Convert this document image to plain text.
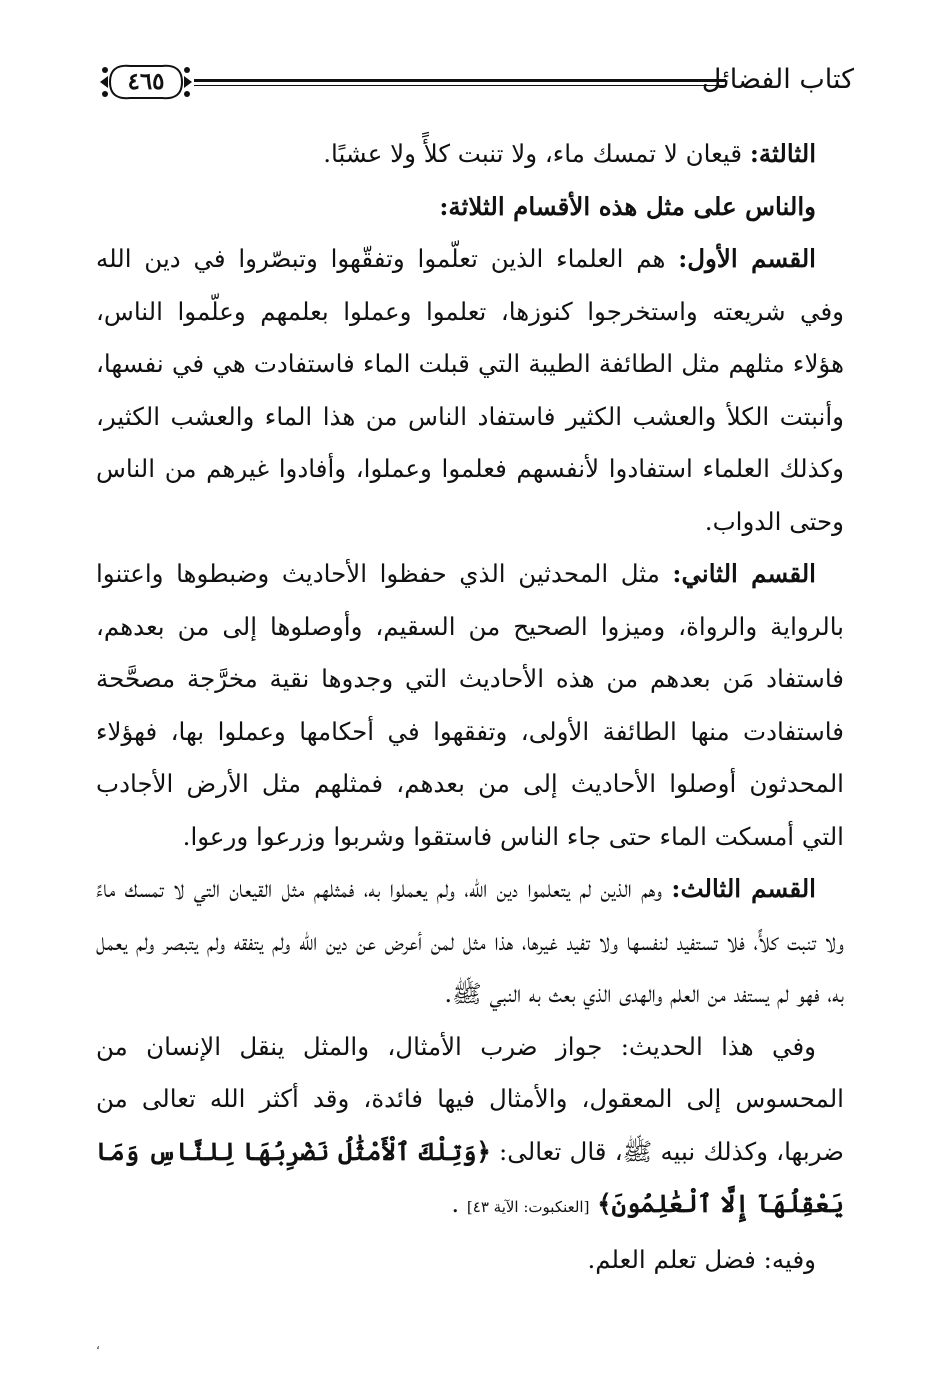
٤٦٥	كتاب الفضائل

الثالثة: قيعان لا تمسك ماء، ولا تنبت كلأً ولا عشبًا.

والناس على مثل هذه الأقسام الثلاثة:

القسم الأول: هم العلماء الذين تعلّموا وتفقّهوا وتبصّروا في دين الله وفي شريعته واستخرجوا كنوزها، تعلموا وعملوا بعلمهم وعلّموا الناس، هؤلاء مثلهم مثل الطائفة الطيبة التي قبلت الماء فاستفادت هي في نفسها، وأنبتت الكلأ والعشب الكثير فاستفاد الناس من هذا الماء والعشب الكثير، وكذلك العلماء استفادوا لأنفسهم فعلموا وعملوا، وأفادوا غيرهم من الناس وحتى الدواب.

القسم الثاني: مثل المحدثين الذي حفظوا الأحاديث وضبطوها واعتنوا بالرواية والرواة، وميزوا الصحيح من السقيم، وأوصلوها إلى من بعدهم، فاستفاد مَن بعدهم من هذه الأحاديث التي وجدوها نقية مخرَّجة مصحَّحة فاستفادت منها الطائفة الأولى، وتفقهوا في أحكامها وعملوا بها، فهؤلاء المحدثون أوصلوا الأحاديث إلى من بعدهم، فمثلهم مثل الأرض الأجادب التي أمسكت الماء حتى جاء الناس فاستقوا وشربوا وزرعوا ورعوا.

القسم الثالث: وهم الذين لم يتعلموا دين الله، ولم يعملوا به، فمثلهم مثل القيعان التي لا تمسك ماءً ولا تنبت كلأً، فلا تستفيد لنفسها ولا تفيد غيرها، هذا مثل لمن أعرض عن دين الله ولم يتفقه ولم يتبصر ولم يعمل به، فهو لم يستفد من العلم والهدى الذي بعث به النبي ﷺ.

وفي هذا الحديث: جواز ضرب الأمثال، والمثل ينقل الإنسان من المحسوس إلى المعقول، والأمثال فيها فائدة، وقد أكثر الله تعالى من ضربها، وكذلك نبيه ﷺ، قال تعالى: ﴿وَتِلْكَ ٱلْأَمْثَٰلُ نَضْرِبُهَا لِلنَّاسِ وَمَا يَعْقِلُهَآ إِلَّا ٱلْعَٰلِمُونَ﴾ [العنكبوت: الآية ٤٣] .

وفيه: فضل تعلم العلم.

،
